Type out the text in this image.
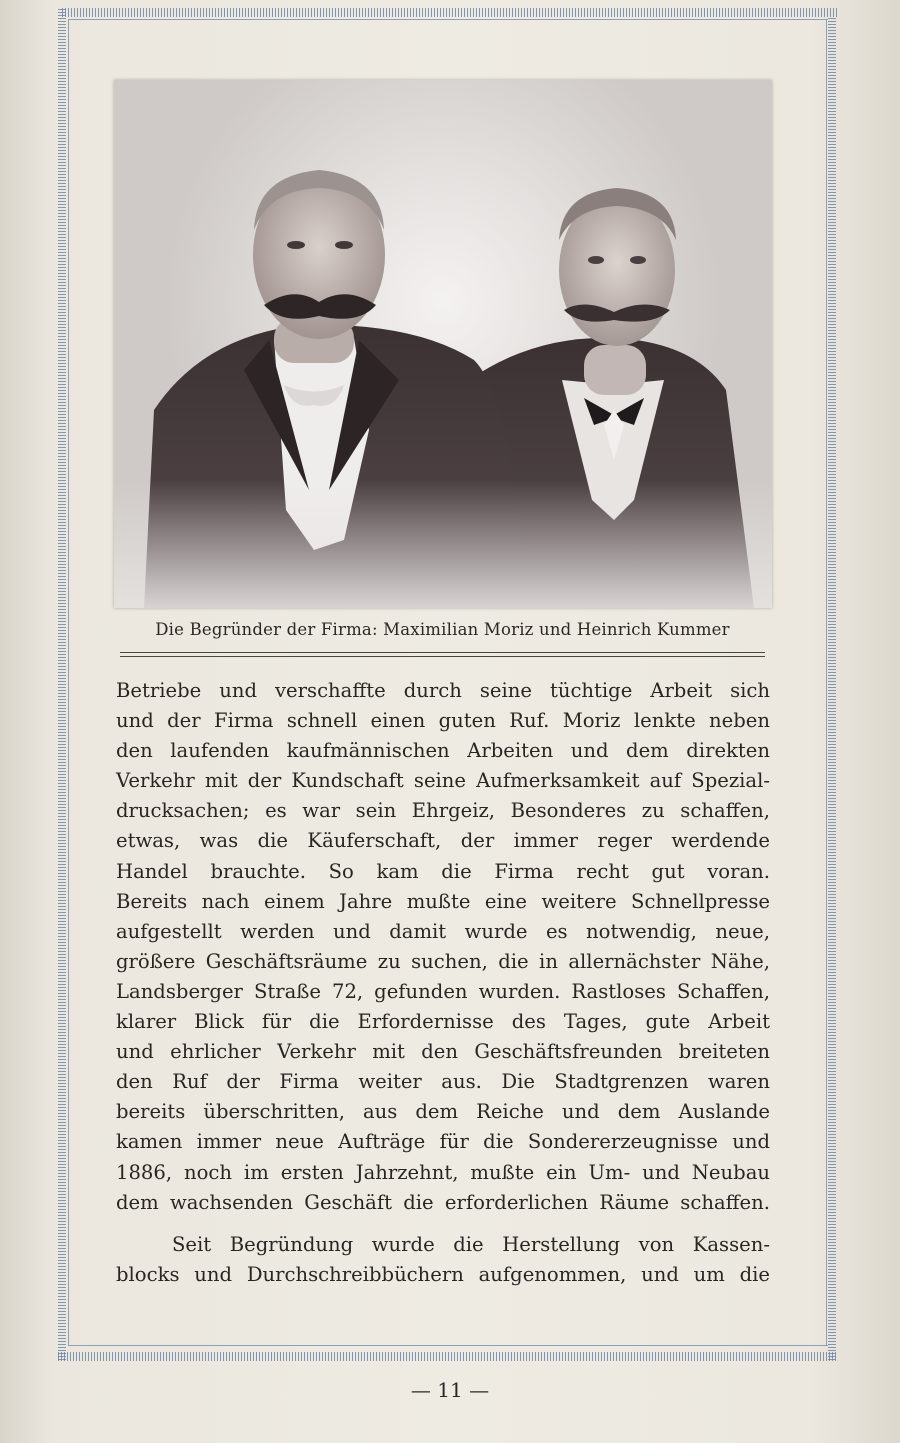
Die Begründer der Firma: Maximilian Moriz und Heinrich Kummer
Betriebe und verschaffte durch seine tüchtige Arbeit sich
und der Firma schnell einen guten Ruf. Moriz lenkte neben
den laufenden kaufmännischen Arbeiten und dem direkten
Verkehr mit der Kundschaft seine Aufmerksamkeit auf Spezial-
drucksachen; es war sein Ehrgeiz, Besonderes zu schaffen,
etwas, was die Käuferschaft, der immer reger werdende
Handel brauchte. So kam die Firma recht gut voran.
Bereits nach einem Jahre mußte eine weitere Schnellpresse
aufgestellt werden und damit wurde es notwendig, neue,
größere Geschäftsräume zu suchen, die in allernächster Nähe,
Landsberger Straße 72, gefunden wurden. Rastloses Schaffen,
klarer Blick für die Erfordernisse des Tages, gute Arbeit
und ehrlicher Verkehr mit den Geschäftsfreunden breiteten
den Ruf der Firma weiter aus. Die Stadtgrenzen waren
bereits überschritten, aus dem Reiche und dem Auslande
kamen immer neue Aufträge für die Sondererzeugnisse und
1886, noch im ersten Jahrzehnt, mußte ein Um- und Neubau
dem wachsenden Geschäft die erforderlichen Räume schaffen.
Seit Begründung wurde die Herstellung von Kassen-
blocks und Durchschreibbüchern aufgenommen, und um die
— 11 —
